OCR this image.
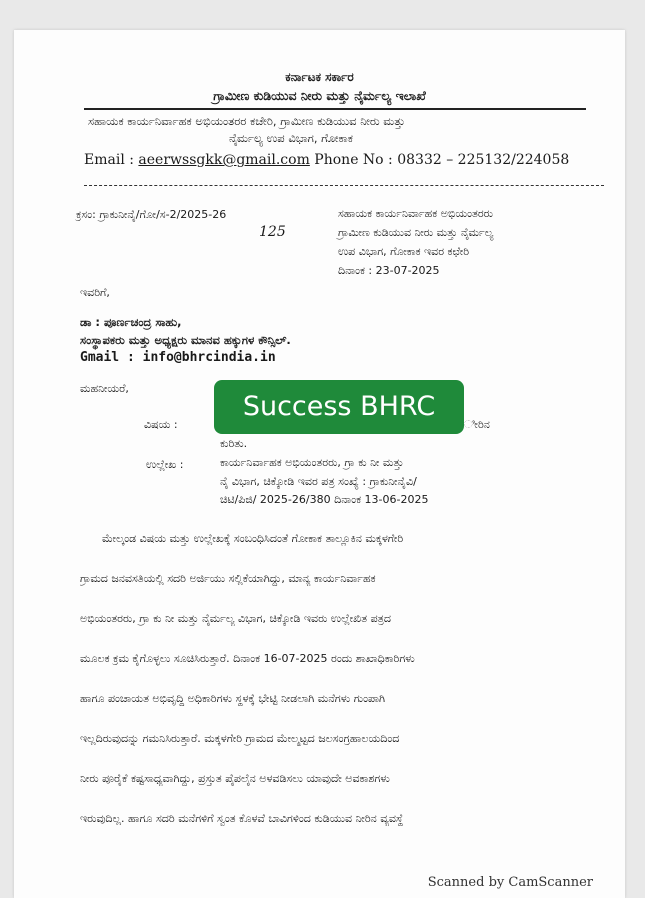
ಕರ್ನಾಟಕ ಸರ್ಕಾರ
ಗ್ರಾಮೀಣ ಕುಡಿಯುವ ನೀರು ಮತ್ತು ನೈರ್ಮಲ್ಯ ಇಲಾಖೆ
ಸಹಾಯಕ ಕಾರ್ಯನಿರ್ವಾಹಕ ಅಭಿಯಂತರರ ಕಚೇರಿ, ಗ್ರಾಮೀಣ ಕುಡಿಯುವ ನೀರು ಮತ್ತು
ನೈರ್ಮಲ್ಯ ಉಪ ವಿಭಾಗ, ಗೋಕಾಕ
Email : aeerwssgkk@gmail.com Phone No : 08332 – 225132/224058
ಕ್ರಸಂ: ಗ್ರಾಕುನೀನೈ/ಗೋ/ಸ-2/2025-26
125
ಸಹಾಯಕ ಕಾರ್ಯನಿರ್ವಾಹಕ ಅಭಿಯಂತರರು
ಗ್ರಾಮೀಣ ಕುಡಿಯುವ ನೀರು ಮತ್ತು ನೈರ್ಮಲ್ಯ
ಉಪ ವಿಭಾಗ, ಗೋಕಾಕ ಇವರ ಕಛೇರಿ
ದಿನಾಂಕ : 23-07-2025
ಇವರಿಗೆ,
ಡಾ : ಪೂರ್ಣಚಂದ್ರ ಸಾಹು,
ಸಂಸ್ಥಾಪಕರು ಮತ್ತು ಅಧ್ಯಕ್ಷರು ಮಾನವ ಹಕ್ಕುಗಳ ಕೌನ್ಸಿಲ್.
Gmail : info@bhrcindia.in
ಮಹನೀಯರೆ,
ವಿಷಯ :	ೀರಿನ
ಕುರಿತು.
ಉಲ್ಲೇಖ :	ಕಾರ್ಯನಿರ್ವಾಹಕ ಅಭಿಯಂತರರು, ಗ್ರಾ ಕು ನೀ ಮತ್ತು
ನೈ ವಿಭಾಗ, ಚಿಕ್ಕೋಡಿ ಇವರ ಪತ್ರ ಸಂಖ್ಯೆ : ಗ್ರಾಕುನೀನೈವಿ/
ಚಿಟಿ/ಪಿಜಿ/ 2025-26/380 ದಿನಾಂಕ 13-06-2025
ಮೇಲ್ಕಂಡ ವಿಷಯ ಮತ್ತು ಉಲ್ಲೇಖಕ್ಕೆ ಸಂಬಂಧಿಸಿದಂತೆ ಗೋಕಾಕ ತಾಲ್ಲೂಕಿನ ಮಕ್ಕಳಗೇರಿ
ಗ್ರಾಮದ ಜನವಸತಿಯಲ್ಲಿ ಸದರಿ ಅರ್ಜಿಯು ಸಲ್ಲಿಕೆಯಾಗಿದ್ದು, ಮಾನ್ಯ ಕಾರ್ಯನಿರ್ವಾಹಕ
ಅಭಿಯಂತರರು, ಗ್ರಾ ಕು ನೀ ಮತ್ತು ನೈರ್ಮಲ್ಯ ವಿಭಾಗ, ಚಿಕ್ಕೋಡಿ ಇವರು ಉಲ್ಲೇಖಿತ ಪತ್ರದ
ಮೂಲಕ ಕ್ರಮ ಕೈಗೊಳ್ಳಲು ಸೂಚಿಸಿರುತ್ತಾರೆ. ದಿನಾಂಕ 16-07-2025 ರಂದು ಶಾಖಾಧಿಕಾರಿಗಳು
ಹಾಗೂ ಪಂಚಾಯತ ಅಭಿವೃದ್ಧಿ ಅಧಿಕಾರಿಗಳು ಸ್ಥಳಕ್ಕೆ ಭೇಟ್ಟಿ ನೀಡಲಾಗಿ ಮನೆಗಳು ಗುಂಪಾಗಿ
ಇಲ್ಲದಿರುವುದನ್ನು ಗಮನಿಸಿರುತ್ತಾರೆ. ಮಕ್ಕಳಗೇರಿ ಗ್ರಾಮದ ಮೇಲ್ಮಟ್ಟದ ಜಲಸಂಗ್ರಹಾಲಯದಿಂದ
ನೀರು ಪೂರೈಕೆ ಕಷ್ಟಸಾಧ್ಯವಾಗಿದ್ದು, ಪ್ರಸ್ತುತ ಪೈಪಲೈನ ಅಳವಡಿಸಲು ಯಾವುದೇ ಅವಕಾಶಗಳು
ಇರುವುದಿಲ್ಲ. ಹಾಗೂ ಸದರಿ ಮನೆಗಳಿಗೆ ಸ್ವಂತ ಕೊಳವೆ ಬಾವಿಗಳಿಂದ ಕುಡಿಯುವ ನೀರಿನ ವ್ಯವಸ್ಥೆ
Success BHRC
Scanned by CamScanner
